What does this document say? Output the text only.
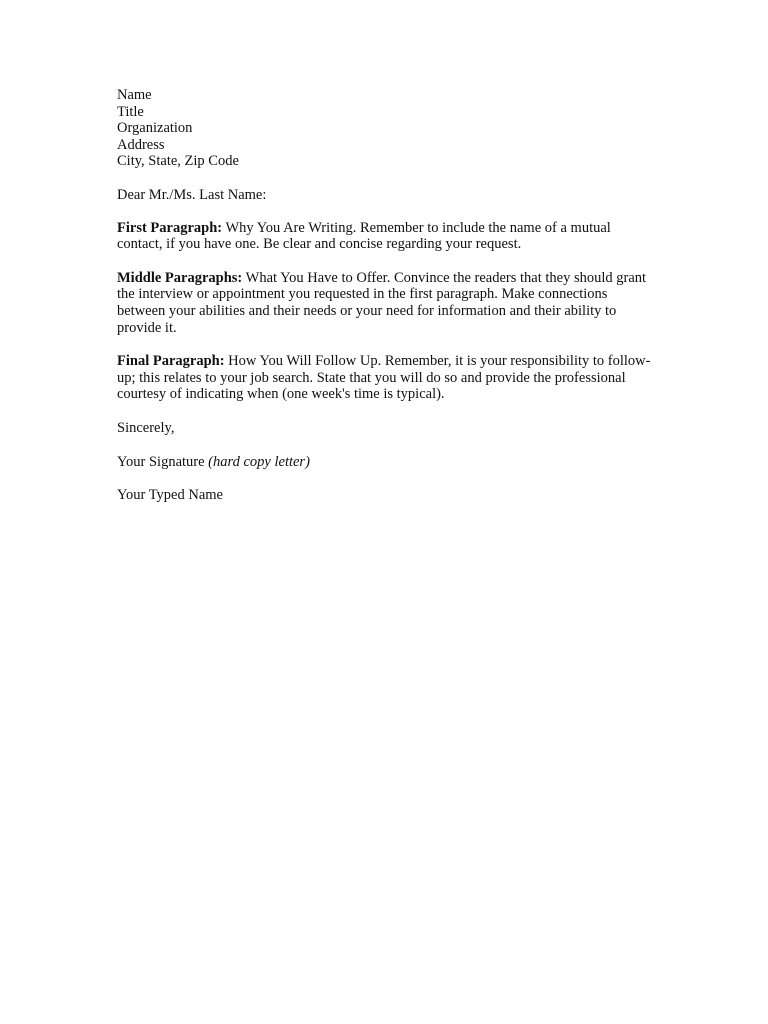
Name
Title
Organization
Address
City, State, Zip Code

Dear Mr./Ms. Last Name:

First Paragraph: Why You Are Writing. Remember to include the name of a mutual contact, if you have one. Be clear and concise regarding your request.

Middle Paragraphs: What You Have to Offer. Convince the readers that they should grant the interview or appointment you requested in the first paragraph. Make connections between your abilities and their needs or your need for information and their ability to provide it.

Final Paragraph: How You Will Follow Up. Remember, it is your responsibility to follow-up; this relates to your job search. State that you will do so and provide the professional courtesy of indicating when (one week's time is typical).

Sincerely,

Your Signature (hard copy letter)

Your Typed Name
